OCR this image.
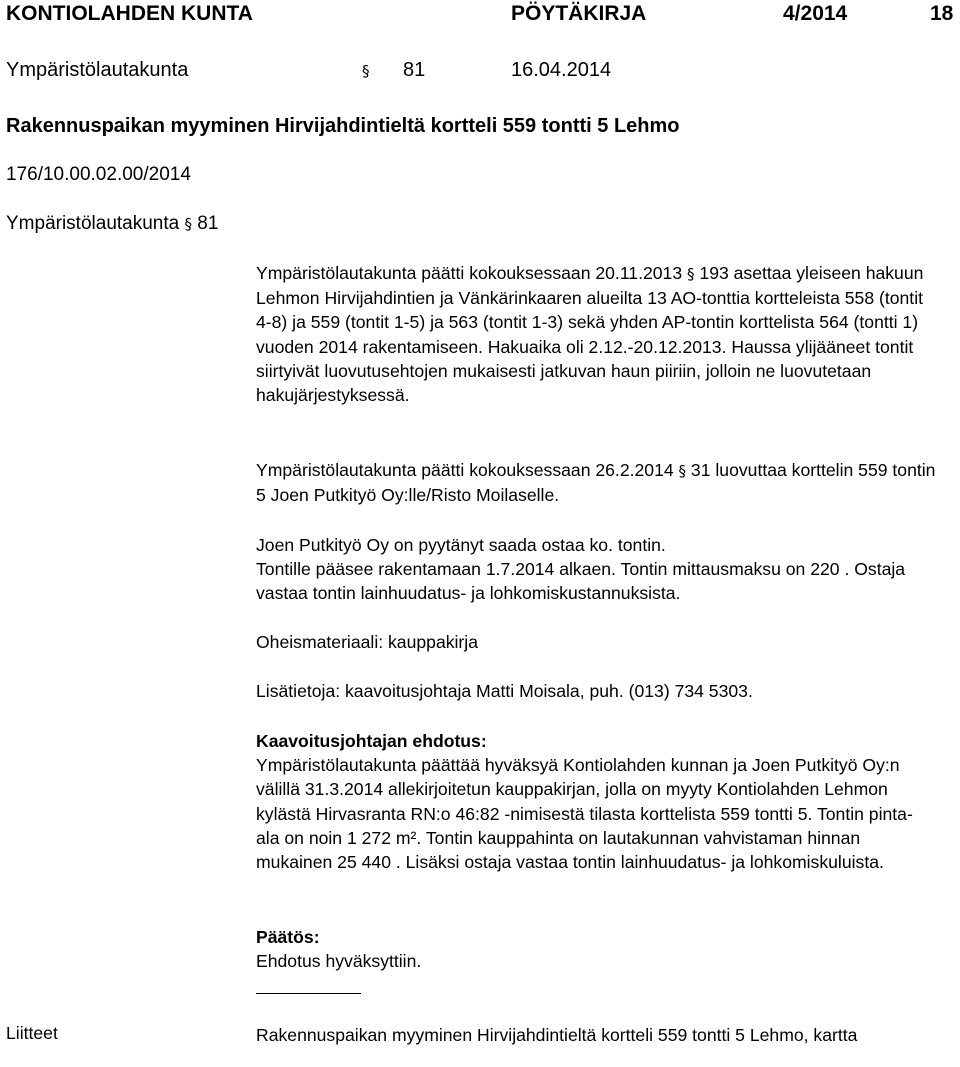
KONTIOLAHDEN KUNTA	PÖYTÄKIRJA	4/2014	18
Ympäristölautakunta	§ 81	16.04.2014
Rakennuspaikan myyminen Hirvijahdintieltä kortteli 559 tontti 5 Lehmo
176/10.00.02.00/2014
Ympäristölautakunta § 81
Ympäristölautakunta päätti kokouksessaan 20.11.2013 § 193 asettaa yleiseen hakuun Lehmon Hirvijahdintien ja Vänkärinkaaren alueilta 13 AO-tonttia kortteleista 558 (tontit 4-8) ja 559 (tontit 1-5) ja 563 (tontit 1-3) sekä yhden AP-tontin korttelista 564 (tontti 1) vuoden 2014 rakentamiseen. Hakuaika oli 2.12.-20.12.2013. Haussa ylijääneet tontit siirtyivät luovutusehtojen mukaisesti jatkuvan haun piiriin, jolloin ne luovutetaan hakujärjestyksessä.
Ympäristölautakunta päätti kokouksessaan 26.2.2014 § 31 luovuttaa korttelin 559 tontin 5 Joen Putkityö Oy:lle/Risto Moilaselle.
Joen Putkityö Oy on pyytänyt saada ostaa ko. tontin.
Tontille pääsee rakentamaan 1.7.2014 alkaen. Tontin mittausmaksu on 220 . Ostaja vastaa tontin lainhuudatus- ja lohkomiskustannuksista.
Oheismateriaali: kauppakirja
Lisätietoja: kaavoitusjohtaja Matti Moisala, puh. (013) 734 5303.
Kaavoitusjohtajan ehdotus:
Ympäristölautakunta päättää hyväksyä Kontiolahden kunnan ja Joen Putkityö Oy:n välillä 31.3.2014 allekirjoitetun kauppakirjan, jolla on myyty Kontiolahden Lehmon kylästä Hirvasranta RN:o 46:82 -nimisestä tilasta korttelista 559 tontti 5. Tontin pinta-ala on noin 1 272 m². Tontin kauppahinta on lautakunnan vahvistaman hinnan mukainen 25 440 . Lisäksi ostaja vastaa tontin lainhuudatus- ja lohkomiskuluista.
Päätös:
Ehdotus hyväksyttiin.
Liitteet	Rakennuspaikan myyminen Hirvijahdintieltä kortteli 559 tontti 5 Lehmo, kartta
